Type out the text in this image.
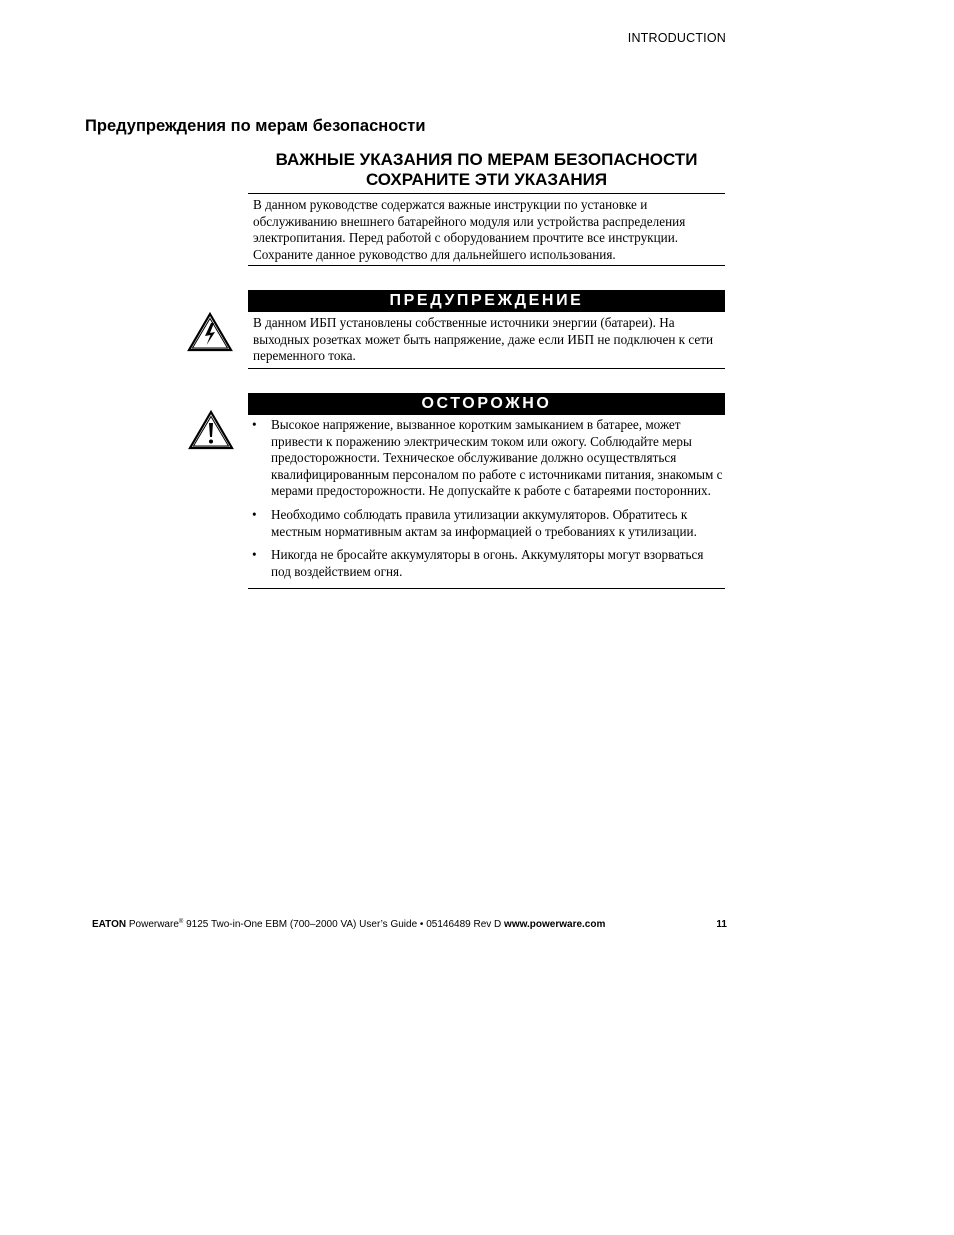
INTRODUCTION
Предупреждения по мерам безопасности
ВАЖНЫЕ УКАЗАНИЯ ПО МЕРАМ БЕЗОПАСНОСТИ
СОХРАНИТЕ ЭТИ УКАЗАНИЯ
В данном руководстве содержатся важные инструкции по установке и обслуживанию внешнего батарейного модуля или устройства распределения электропитания. Перед работой с оборудованием прочтите все инструкции. Сохраните данное руководство для дальнейшего использования.
ПРЕДУПРЕЖДЕНИЕ
В данном ИБП установлены собственные источники энергии (батареи). На выходных розетках может быть напряжение, даже если ИБП не подключен к сети переменного тока.
ОСТОРОЖНО
• Высокое напряжение, вызванное коротким замыканием в батарее, может привести к поражению электрическим током или ожогу. Соблюдайте меры предосторожности. Техническое обслуживание должно осуществляться квалифицированным персоналом по работе с источниками питания, знакомым с мерами предосторожности. Не допускайте к работе с батареями посторонних.
• Необходимо соблюдать правила утилизации аккумуляторов. Обратитесь к местным нормативным актам за информацией о требованиях к утилизации.
• Никогда не бросайте аккумуляторы в огонь. Аккумуляторы могут взорваться под воздействием огня.
EATON Powerware® 9125 Two-in-One EBM (700–2000 VA) User’s Guide • 05146489 Rev D www.powerware.com	11
